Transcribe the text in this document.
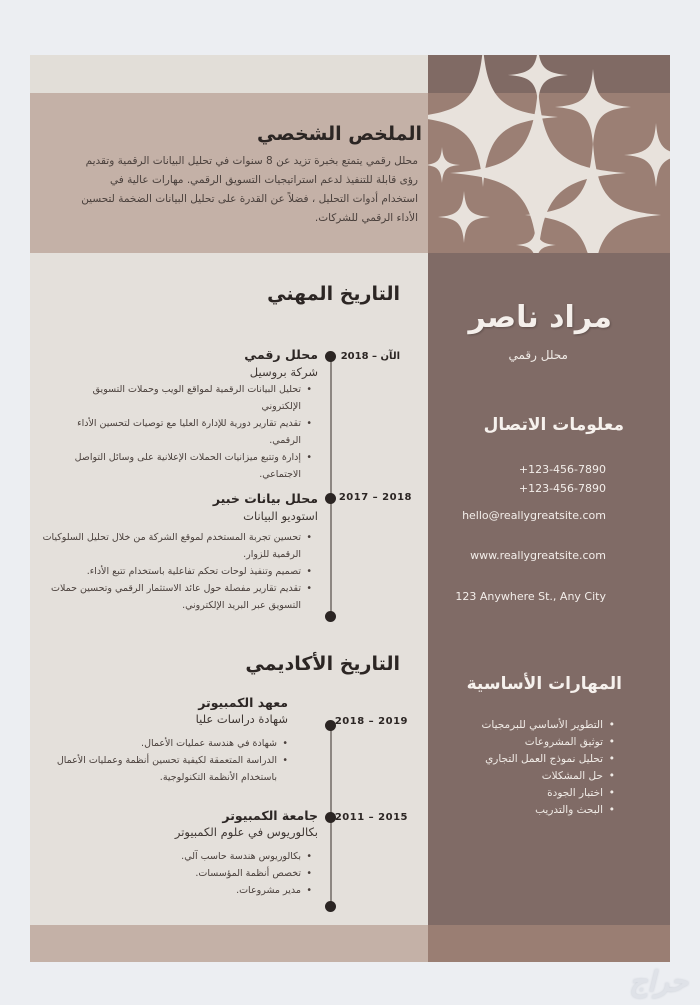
الملخص الشخصي
محلل رقمي يتمتع بخبرة تزيد عن 8 سنوات في تحليل البيانات الرقمية وتقديم رؤى قابلة للتنفيذ لدعم استراتيجيات التسويق الرقمي. مهارات عالية في استخدام أدوات التحليل ، فضلاً عن القدرة على تحليل البيانات الضخمة لتحسين الأداء الرقمي للشركات.
مراد ناصر
محلل رقمي
معلومات الاتصال
+123-456-7890
+123-456-7890
hello@reallygreatsite.com
www.reallygreatsite.com
123 Anywhere St., Any City
المهارات الأساسية
• التطوير الأساسي للبرمجيات
• توثيق المشروعات
• تحليل نموذج العمل التجاري
• حل المشكلات
• اختبار الجودة
• البحث والتدريب
التاريخ المهني
الآن – 2018
محلل رقمي
شركة بروسيل
• تحليل البيانات الرقمية لمواقع الويب وحملات التسويق الإلكتروني
• تقديم تقارير دورية للإدارة العليا مع توصيات لتحسين الأداء الرقمي.
• إدارة وتتبع ميزانيات الحملات الإعلانية على وسائل التواصل الاجتماعي.
2018 – 2017
محلل بيانات خبير
استوديو البيانات
• تحسين تجربة المستخدم لموقع الشركة من خلال تحليل السلوكيات الرقمية للزوار.
• تصميم وتنفيذ لوحات تحكم تفاعلية باستخدام تتبع الأداء.
• تقديم تقارير مفصلة حول عائد الاستثمار الرقمي وتحسين حملات التسويق عبر البريد الإلكتروني.
التاريخ الأكاديمي
2019 – 2018
معهد الكمبيوتر
شهادة دراسات عليا
• شهادة في هندسة عمليات الأعمال.
• الدراسة المتعمقة لكيفية تحسين أنظمة وعمليات الأعمال باستخدام الأنظمة التكنولوجية.
2015 – 2011
جامعة الكمبيوتر
بكالوريوس في علوم الكمبيوتر
• بكالوريوس هندسة حاسب آلي.
• تخصص أنظمة المؤسسات.
• مدير مشروعات.
حراج
